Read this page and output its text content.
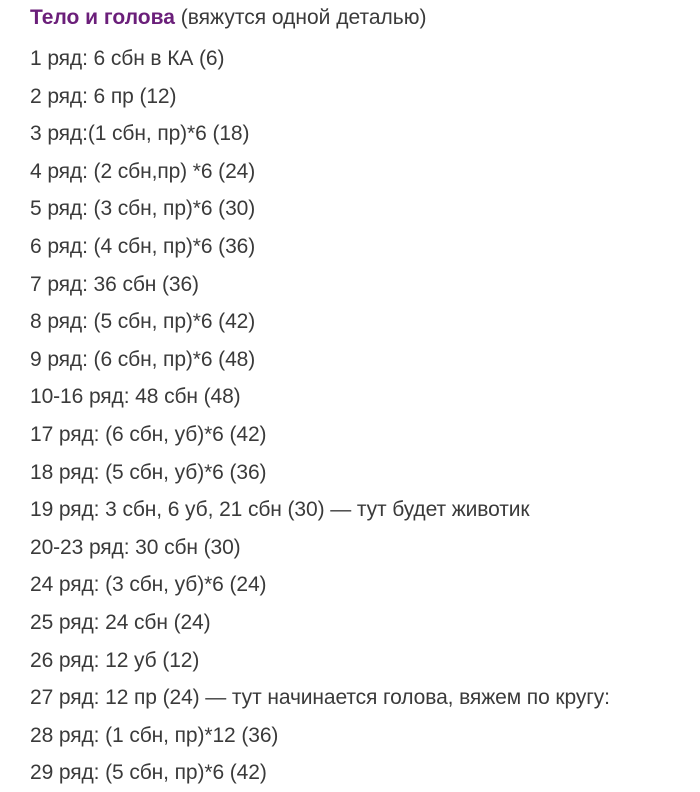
Тело и голова (вяжутся одной деталью)
1 ряд: 6 сбн в КА (6)
2 ряд: 6 пр (12)
3 ряд:(1 сбн, пр)*6 (18)
4 ряд: (2 сбн,пр) *6 (24)
5 ряд: (3 сбн, пр)*6 (30)
6 ряд: (4 сбн, пр)*6 (36)
7 ряд: 36 сбн (36)
8 ряд: (5 сбн, пр)*6 (42)
9 ряд: (6 сбн, пр)*6 (48)
10-16 ряд: 48 сбн (48)
17 ряд: (6 сбн, уб)*6 (42)
18 ряд: (5 сбн, уб)*6 (36)
19 ряд: 3 сбн, 6 уб, 21 сбн (30) — тут будет животик
20-23 ряд: 30 сбн (30)
24 ряд: (3 сбн, уб)*6 (24)
25 ряд: 24 сбн (24)
26 ряд: 12 уб (12)
27 ряд: 12 пр (24) — тут начинается голова, вяжем по кругу:
28 ряд: (1 сбн, пр)*12 (36)
29 ряд: (5 сбн, пр)*6 (42)
